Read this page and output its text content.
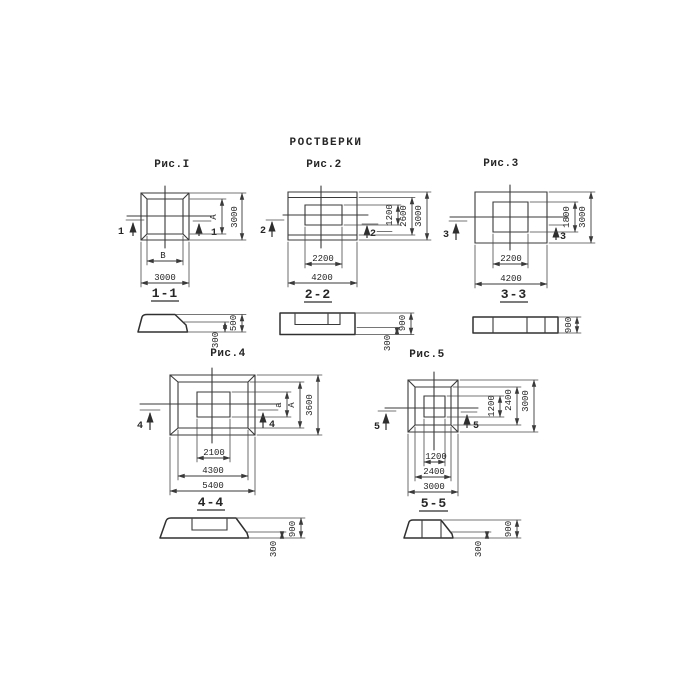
РОСТВЕРКИ
Рис.I
1	1
А 3000
В
3000
1-1
300
500
Рис.2
2	2
1200 2600 3000
2200
4200
2-2
300
900
Рис.3
3	3
1800 3000
2200
4200
3-3
900
Рис.4
4	4
а А 3600
2100
4300
5400
4-4
300
900
Рис.5
5	5
1200 2400 3000
1200
2400
3000
5-5
300
900
